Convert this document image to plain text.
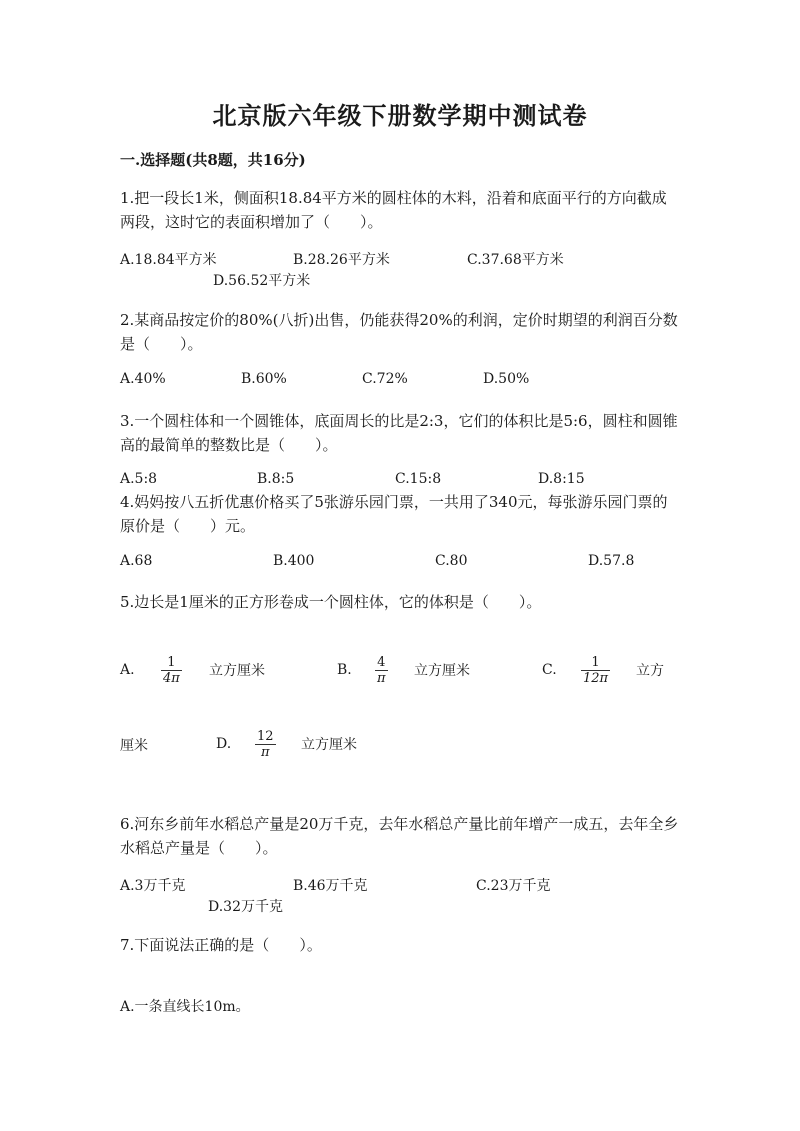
北京版六年级下册数学期中测试卷
一.选择题(共8题，共16分)
1.把一段长1米，侧面积18.84平方米的圆柱体的木料，沿着和底面平行的方向截成两段，这时它的表面积增加了（　　）。
A.18.84平方米	B.28.26平方米	C.37.68平方米
D.56.52平方米
2.某商品按定价的80%(八折)出售，仍能获得20%的利润，定价时期望的利润百分数是（　　）。
A.40%	B.60%	C.72%	D.50%
3.一个圆柱体和一个圆锥体，底面周长的比是2:3，它们的体积比是5:6，圆柱和圆锥高的最简单的整数比是（　　）。
A.5:8	B.8:5	C.15:8	D.8:15
4.妈妈按八五折优惠价格买了5张游乐园门票，一共用了340元，每张游乐园门票的原价是（　　）元。
A.68	B.400	C.80	D.57.8
5.边长是1厘米的正方形卷成一个圆柱体，它的体积是（　　）。
A. $\frac{1}{4\pi}$ 立方厘米	B. $\frac{4}{\pi}$ 立方厘米	C. $\frac{1}{12\pi}$ 立方
厘米	D. $\frac{12}{\pi}$ 立方厘米
6.河东乡前年水稻总产量是20万千克，去年水稻总产量比前年增产一成五，去年全乡水稻总产量是（　　）。
A.3万千克	B.46万千克	C.23万千克
D.32万千克
7.下面说法正确的是（　　）。
A.一条直线长10m。
